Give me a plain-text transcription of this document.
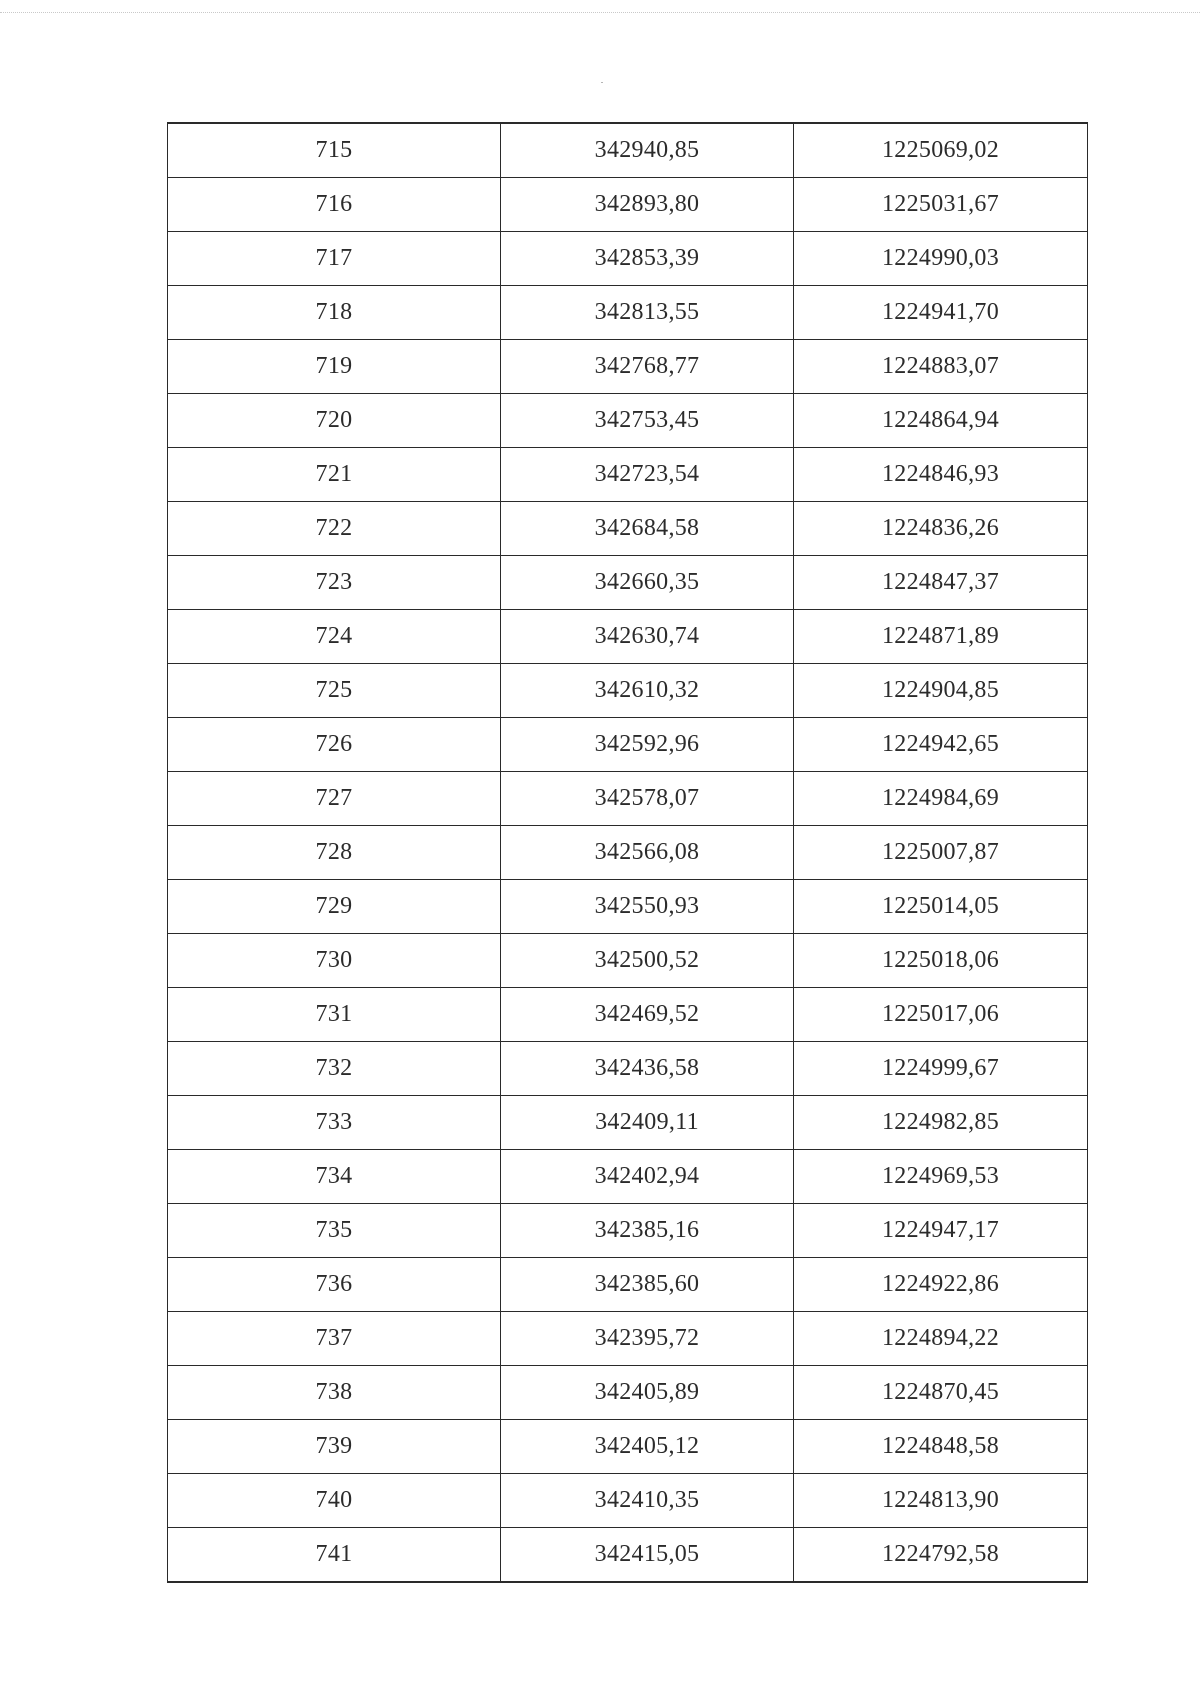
715	342940,85	1225069,02
716	342893,80	1225031,67
717	342853,39	1224990,03
718	342813,55	1224941,70
719	342768,77	1224883,07
720	342753,45	1224864,94
721	342723,54	1224846,93
722	342684,58	1224836,26
723	342660,35	1224847,37
724	342630,74	1224871,89
725	342610,32	1224904,85
726	342592,96	1224942,65
727	342578,07	1224984,69
728	342566,08	1225007,87
729	342550,93	1225014,05
730	342500,52	1225018,06
731	342469,52	1225017,06
732	342436,58	1224999,67
733	342409,11	1224982,85
734	342402,94	1224969,53
735	342385,16	1224947,17
736	342385,60	1224922,86
737	342395,72	1224894,22
738	342405,89	1224870,45
739	342405,12	1224848,58
740	342410,35	1224813,90
741	342415,05	1224792,58
